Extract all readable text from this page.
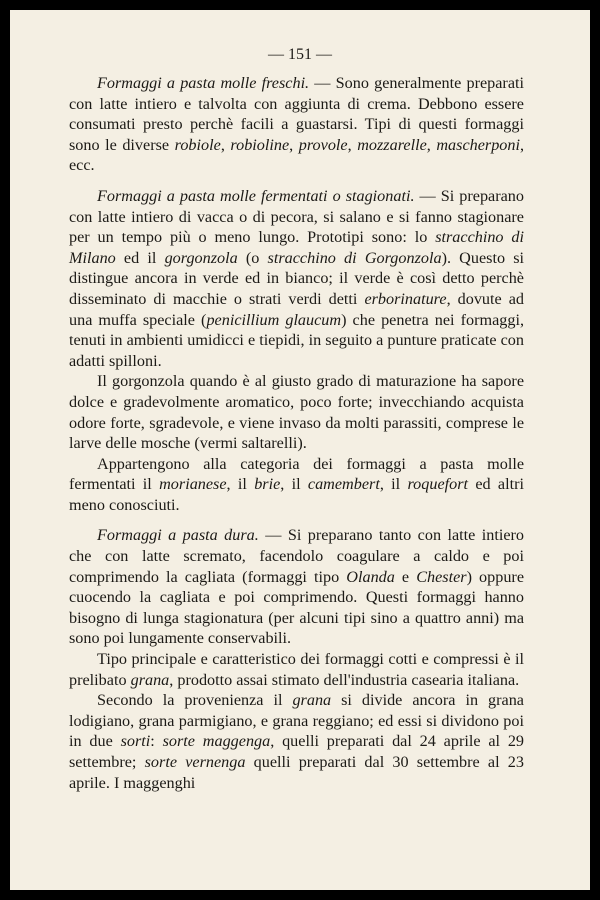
— 151 —

Formaggi a pasta molle freschi. — Sono generalmente preparati con latte intiero e talvolta con aggiunta di crema. Debbono essere consumati presto perchè facili a guastarsi. Tipi di questi formaggi sono le diverse robiole, robioline, provole, mozzarelle, mascherponi, ecc.

Formaggi a pasta molle fermentati o stagionati. — Si preparano con latte intiero di vacca o di pecora, si salano e si fanno stagionare per un tempo più o meno lungo. Prototipi sono: lo stracchino di Milano ed il gorgonzola (o stracchino di Gorgonzola). Questo si distingue ancora in verde ed in bianco; il verde è così detto perchè disseminato di macchie o strati verdi detti erborinature, dovute ad una muffa speciale (penicillium glaucum) che penetra nei formaggi, tenuti in ambienti umidicci e tiepidi, in seguito a punture praticate con adatti spilloni.

Il gorgonzola quando è al giusto grado di maturazione ha sapore dolce e gradevolmente aromatico, poco forte; invecchiando acquista odore forte, sgradevole, e viene invaso da molti parassiti, comprese le larve delle mosche (vermi saltarelli).

Appartengono alla categoria dei formaggi a pasta molle fermentati il morianese, il brie, il camembert, il roquefort ed altri meno conosciuti.

Formaggi a pasta dura. — Si preparano tanto con latte intiero che con latte scremato, facendolo coagulare a caldo e poi comprimendo la cagliata (formaggi tipo Olanda e Chester) oppure cuocendo la cagliata e poi comprimendo. Questi formaggi hanno bisogno di lunga stagionatura (per alcuni tipi sino a quattro anni) ma sono poi lungamente conservabili.

Tipo principale e caratteristico dei formaggi cotti e compressi è il prelibato grana, prodotto assai stimato dell'industria casearia italiana.

Secondo la provenienza il grana si divide ancora in grana lodigiano, grana parmigiano, e grana reggiano; ed essi si dividono poi in due sorti: sorte maggenga, quelli preparati dal 24 aprile al 29 settembre; sorte vernenga quelli preparati dal 30 settembre al 23 aprile. I maggenghi
